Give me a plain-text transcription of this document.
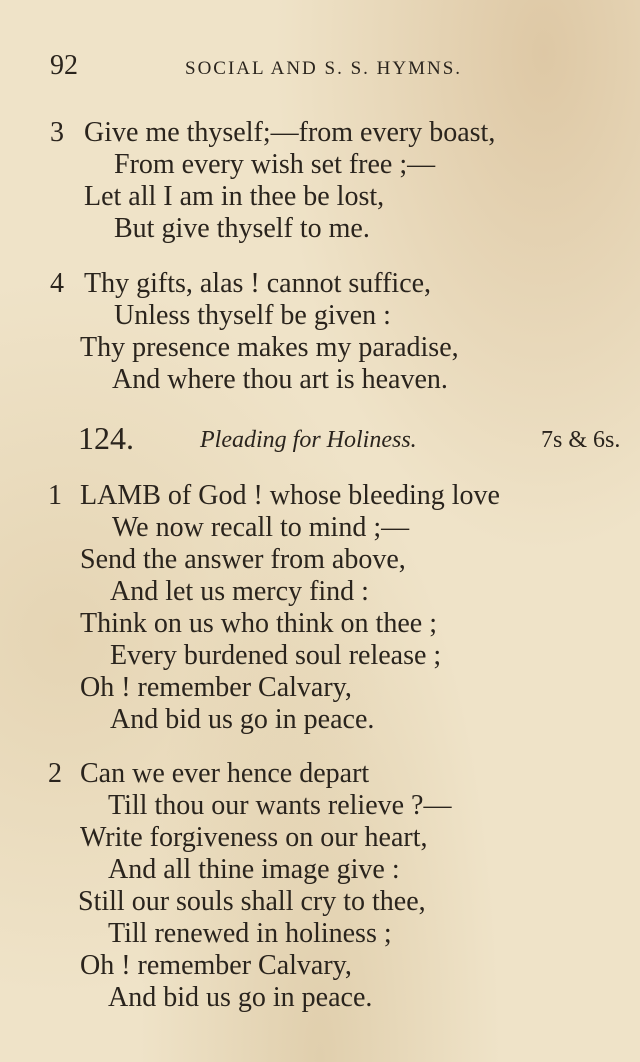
92	SOCIAL AND S. S. HYMNS.
3 Give me thyself;—from every boast,
From every wish set free ;—
Let all I am in thee be lost,
But give thyself to me.
4 Thy gifts, alas ! cannot suffice,
Unless thyself be given :
Thy presence makes my paradise,
And where thou art is heaven.
124.	Pleading for Holiness.	7s & 6s.
1 LAMB of God ! whose bleeding love
We now recall to mind ;—
Send the answer from above,
And let us mercy find :
Think on us who think on thee ;
Every burdened soul release ;
Oh ! remember Calvary,
And bid us go in peace.
2 Can we ever hence depart
Till thou our wants relieve ?—
Write forgiveness on our heart,
And all thine image give :
Still our souls shall cry to thee,
Till renewed in holiness ;
Oh ! remember Calvary,
And bid us go in peace.
